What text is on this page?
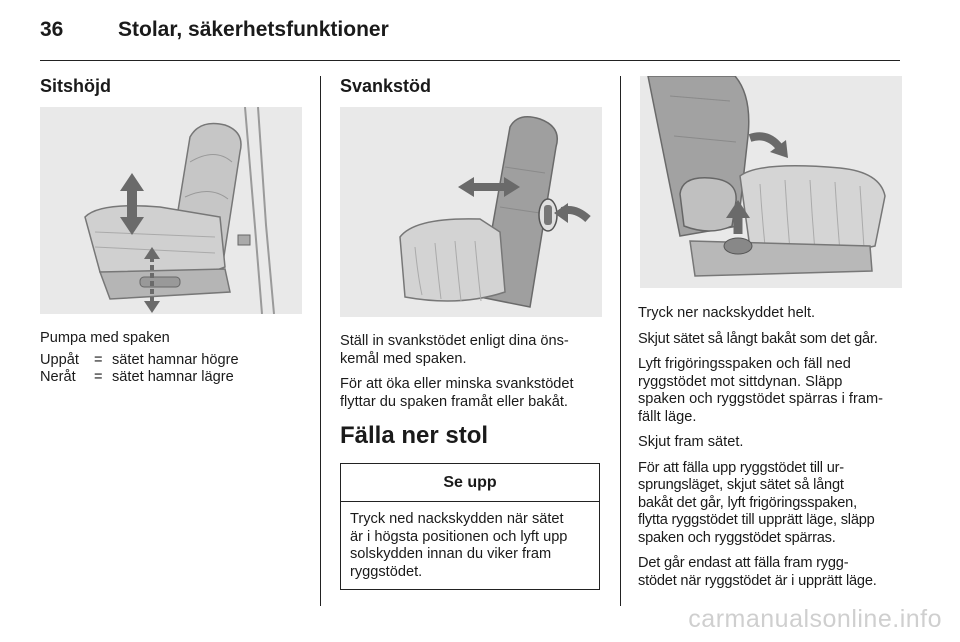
36	Stolar, säkerhetsfunktioner
Sitshöjd

Pumpa med spaken

Uppåt	=	sätet hamnar högre
Neråt	=	sätet hamnar lägre
Svankstöd

Ställ in svankstödet enligt dina öns-
kemål med spaken.

För att öka eller minska svankstödet
flyttar du spaken framåt eller bakåt.

Fälla ner stol
Se upp
Tryck ned nackskydden när sätet
är i högsta positionen och lyft upp
solskydden innan du viker fram
ryggstödet.

Tryck ner nackskyddet helt.

Skjut sätet så långt bakåt som det går.

Lyft frigöringsspaken och fäll ned
ryggstödet mot sittdynan. Släpp
spaken och ryggstödet spärras i fram-
fällt läge.

Skjut fram sätet.

För att fälla upp ryggstödet till ur-
sprungsläget, skjut sätet så långt
bakåt det går, lyft frigöringsspaken,
flytta ryggstödet till upprätt läge, släpp
spaken och ryggstödet spärras.

Det går endast att fälla fram rygg-
stödet när ryggstödet är i upprätt läge.

carmanualsonline.info
